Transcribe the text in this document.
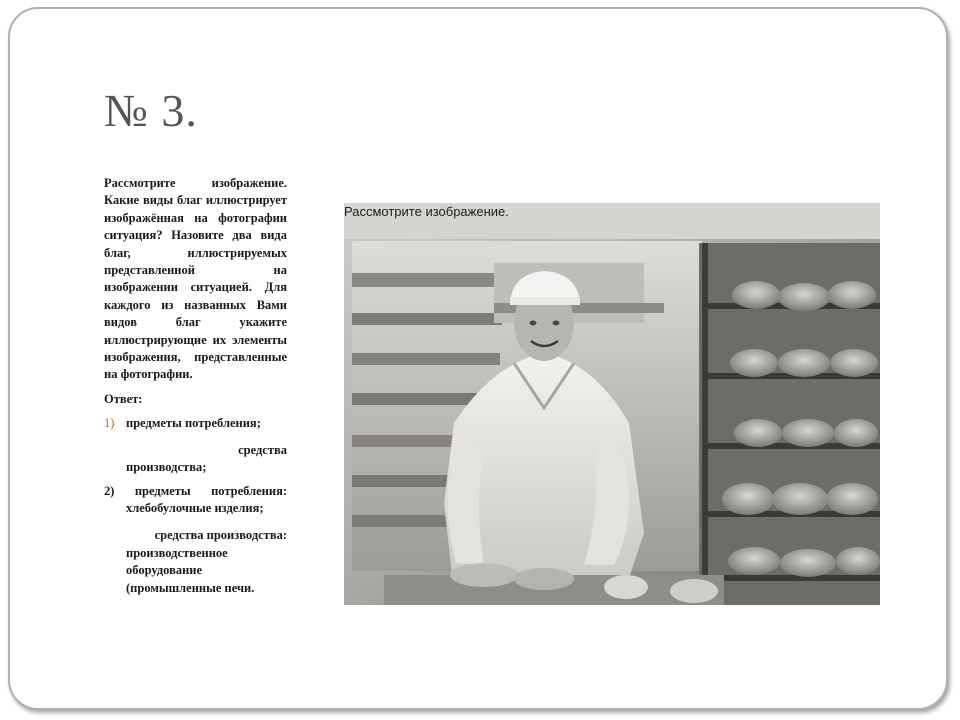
№ 3.

Рассмотрите изображение. Какие виды благ иллюстрирует изображённая на фотографии ситуация? Назовите два вида благ, иллюстрируемых представленной на изображении ситуацией. Для каждого из названных Вами видов благ укажите иллюстрирующие их элементы изображения, представленные на фотографии.

Ответ:

1) предметы потребления;

средства

производства;

2) предметы потребления:

хлебобулочные изделия;

средства производства:
производственное
оборудование
(промышленные печи.
Рассмотрите изображение.
